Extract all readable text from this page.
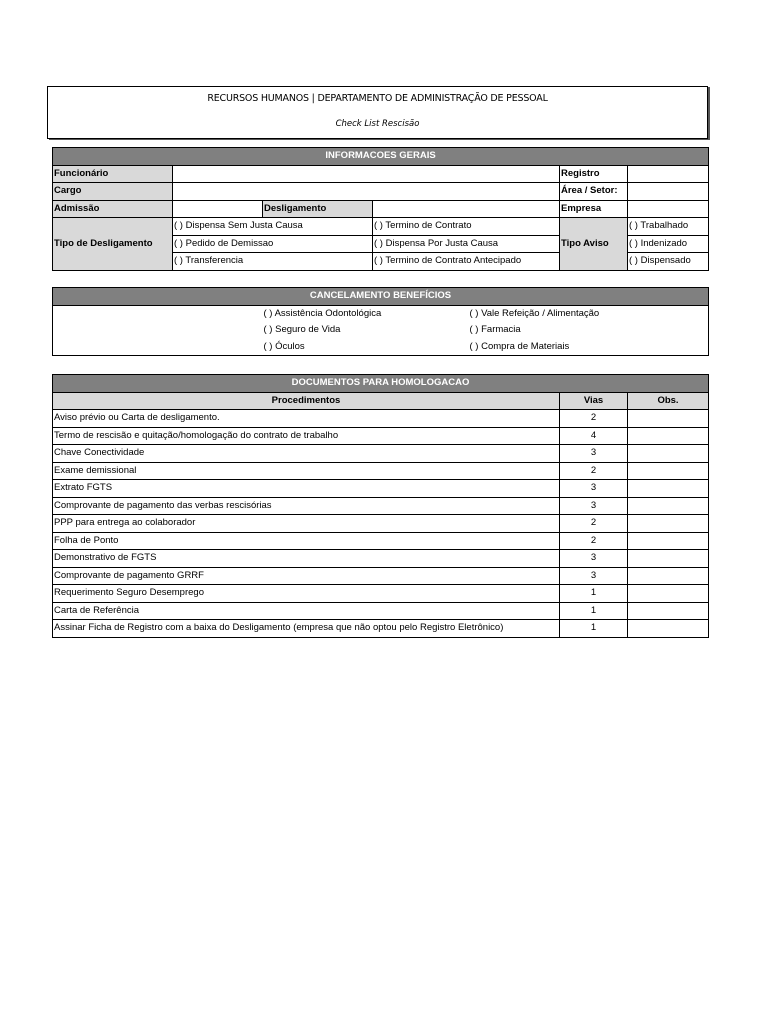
RECURSOS HUMANOS | DEPARTAMENTO DE ADMINISTRAÇÃO DE PESSOAL
Check List Rescisão
INFORMACOES GERAIS					
Funcionário				Registro	
Cargo				Área / Setor:	
Admissão		Desligamento		Empresa	
Tipo de Desligamento	( ) Dispensa Sem Justa Causa		( ) Termino de Contrato	Tipo Aviso	( ) Trabalhado
	( ) Pedido de Demissao		( ) Dispensa Por Justa Causa		( ) Indenizado
	( ) Transferencia		( ) Termino de Contrato Antecipado		( ) Dispensado
CANCELAMENTO BENEFÍCIOS		
	( ) Assistência Odontológica	( ) Vale Refeição / Alimentação
	( ) Seguro de Vida	( ) Farmacia
	( ) Óculos	( ) Compra de Materiais
DOCUMENTOS PARA HOMOLOGACAO		
Procedimentos	Vias	Obs.
Aviso prévio ou Carta de desligamento.	2	
Termo de rescisão e quitação/homologação do contrato de trabalho	4	
Chave Conectividade	3	
Exame demissional	2	
Extrato FGTS	3	
Comprovante de pagamento das verbas rescisórias	3	
PPP para entrega ao colaborador	2	
Folha de Ponto	2	
Demonstrativo de FGTS	3	
Comprovante de pagamento GRRF	3	
Requerimento Seguro Desemprego	1	
Carta de Referência	1	
Assinar Ficha de Registro com a baixa do Desligamento (empresa que não optou pelo Registro Eletrônico)	1	
